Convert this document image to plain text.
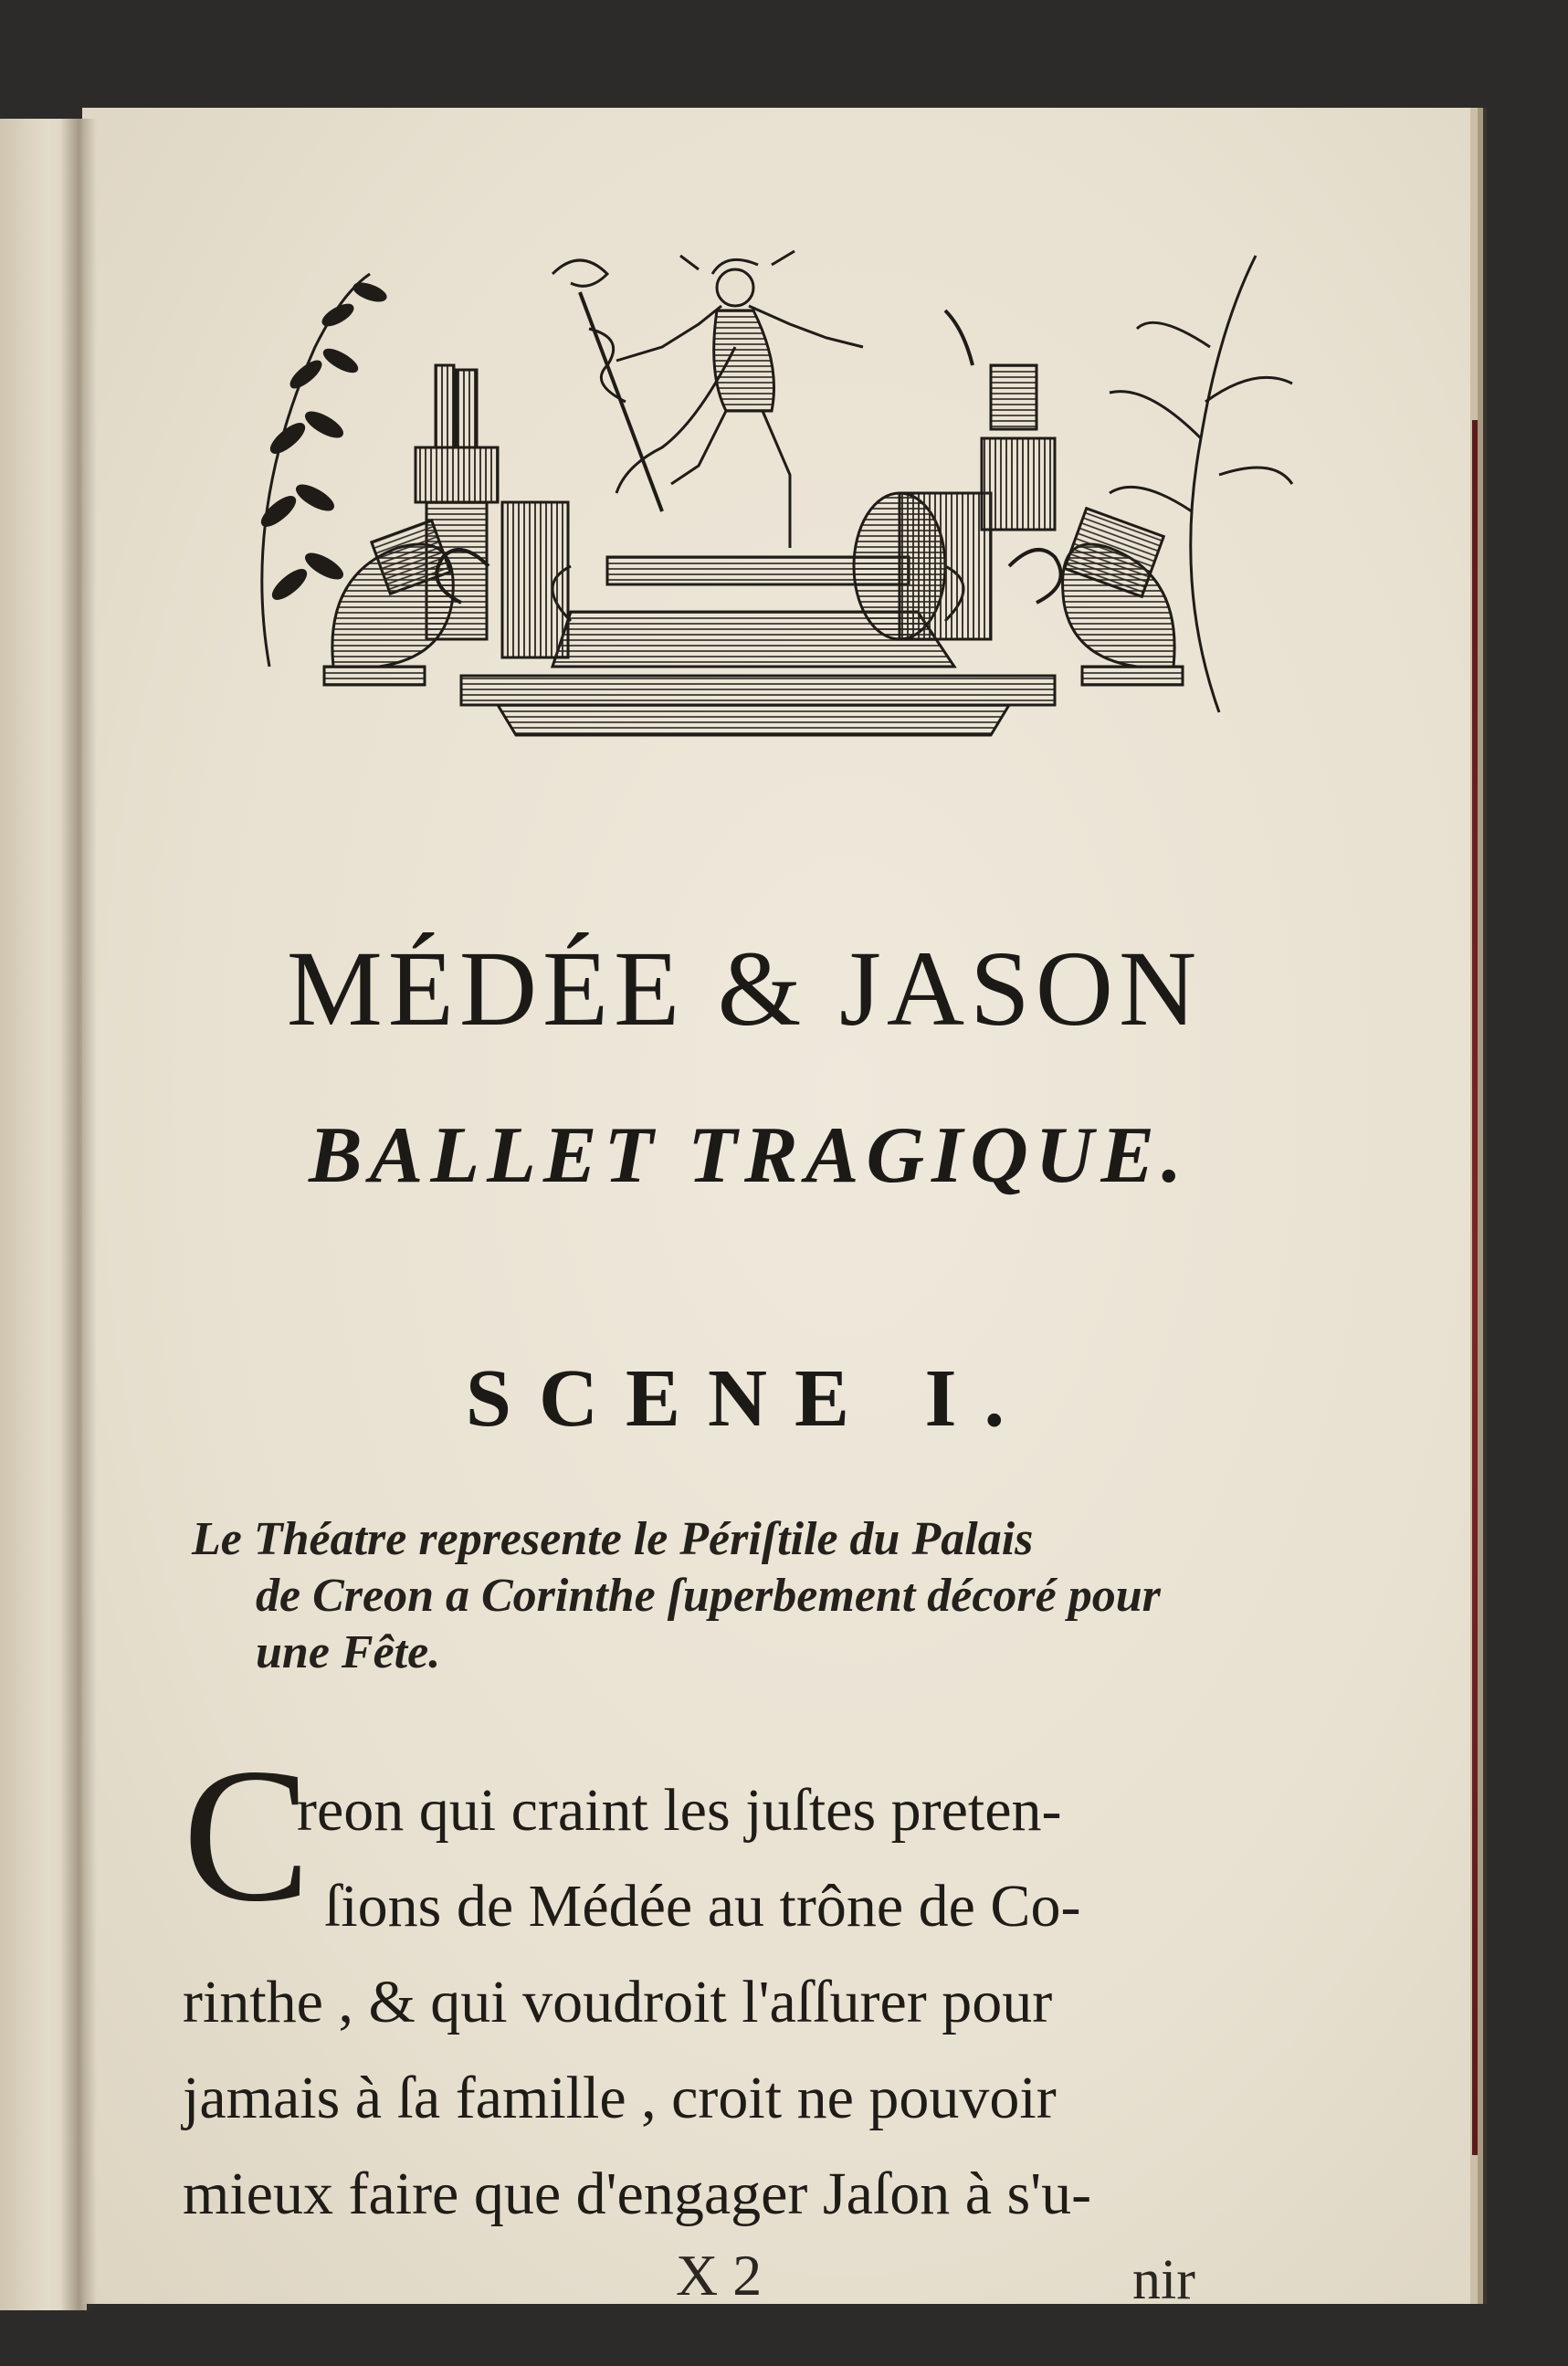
MÉDÉE & JASON
BALLET TRAGIQUE.
SCENE I.
Le Théatre represente le Périſtile du Palais
de Creon a Corinthe ſuperbement décoré pour
une Fête.
C
reon qui craint les juſtes preten-
ſions de Médée au trône de Co-
rinthe , & qui voudroit l'aſſurer pour
jamais à ſa famille , croit ne pouvoir
mieux faire que d'engager Jaſon à s'u-
X 2	nir
